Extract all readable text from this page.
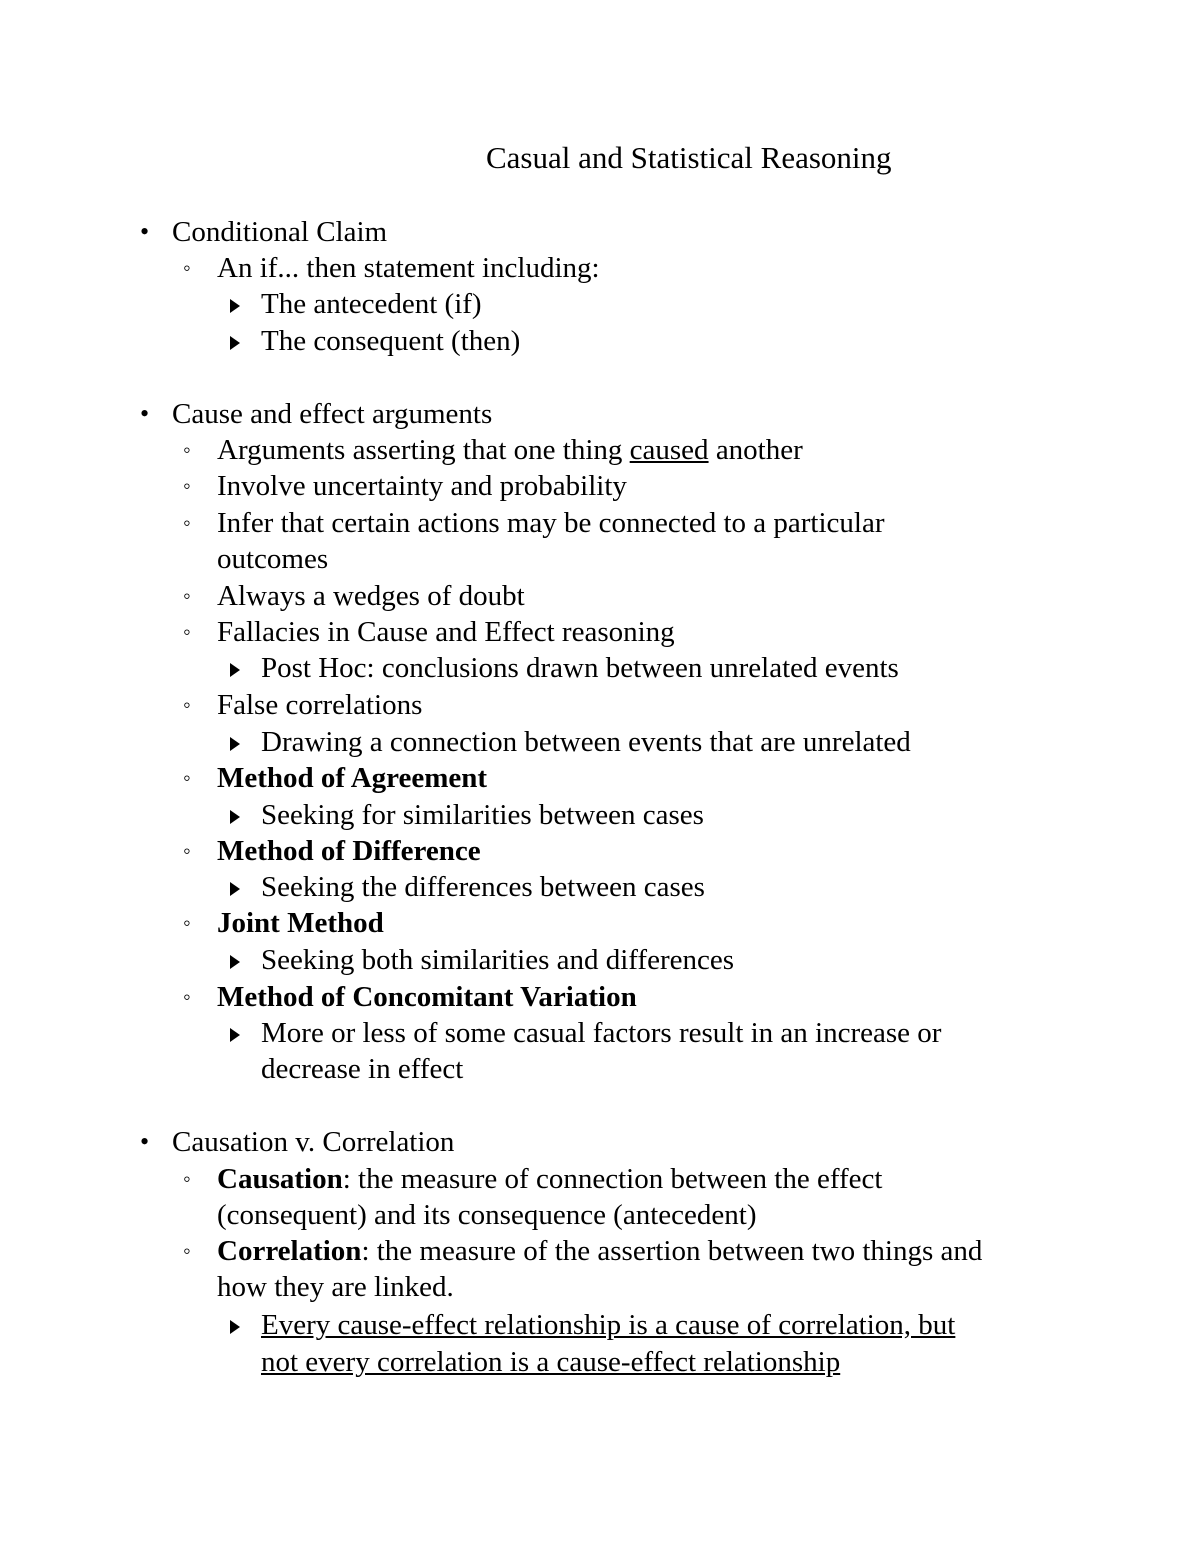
Casual and Statistical Reasoning
• Conditional Claim
◦ An if... then statement including:
The antecedent (if)
The consequent (then)
• Cause and effect arguments
◦ Arguments asserting that one thing caused another
◦ Involve uncertainty and probability
◦ Infer that certain actions may be connected to a particular
outcomes
◦ Always a wedges of doubt
◦ Fallacies in Cause and Effect reasoning
Post Hoc: conclusions drawn between unrelated events
◦ False correlations
Drawing a connection between events that are unrelated
◦ Method of Agreement
Seeking for similarities between cases
◦ Method of Difference
Seeking the differences between cases
◦ Joint Method
Seeking both similarities and differences
◦ Method of Concomitant Variation
More or less of some casual factors result in an increase or
decrease in effect
• Causation v. Correlation
◦ Causation: the measure of connection between the effect
(consequent) and its consequence (antecedent)
◦ Correlation: the measure of the assertion between two things and
how they are linked.
Every cause-effect relationship is a cause of correlation, but
not every correlation is a cause-effect relationship
